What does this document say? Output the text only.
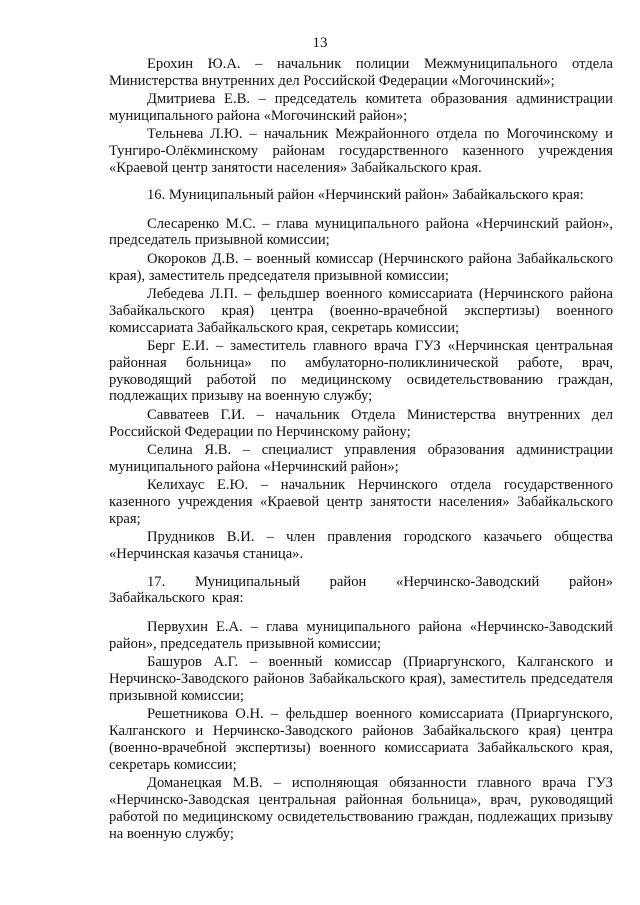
13

Ерохин Ю.А. – начальник полиции Межмуниципального отдела Министерства внутренних дел Российской Федерации «Могочинский»;

Дмитриева Е.В. – председатель комитета образования администрации муниципального района «Могочинский район»;

Тельнева Л.Ю. – начальник Межрайонного отдела по Могочинскому и Тунгиро-Олёкминскому районам государственного казенного учреждения «Краевой центр занятости населения» Забайкальского края.

16. Муниципальный район «Нерчинский район» Забайкальского края:

Слесаренко М.С. – глава муниципального района «Нерчинский район», председатель призывной комиссии;

Окороков Д.В. – военный комиссар (Нерчинского района Забайкальского края), заместитель председателя призывной комиссии;

Лебедева Л.П. – фельдшер военного комиссариата (Нерчинского района Забайкальского края) центра (военно-врачебной экспертизы) военного комиссариата Забайкальского края, секретарь комиссии;

Берг Е.И. – заместитель главного врача ГУЗ «Нерчинская центральная районная больница» по амбулаторно-поликлинической работе, врач, руководящий работой по медицинскому освидетельствованию граждан, подлежащих призыву на военную службу;

Савватеев Г.И. – начальник Отдела Министерства внутренних дел Российской Федерации по Нерчинскому району;

Селина Я.В. – специалист управления образования администрации муниципального района «Нерчинский район»;

Келихаус Е.Ю. – начальник Нерчинского отдела государственного казенного учреждения «Краевой центр занятости населения» Забайкальского края;

Прудников В.И. – член правления городского казачьего общества «Нерчинская казачья станица».

17. Муниципальный район «Нерчинско-Заводский район» Забайкальского края:

Первухин Е.А. – глава муниципального района «Нерчинско-Заводский район», председатель призывной комиссии;

Башуров А.Г. – военный комиссар (Приаргунского, Калганского и Нерчинско-Заводского районов Забайкальского края), заместитель председателя призывной комиссии;

Решетникова О.Н. – фельдшер военного комиссариата (Приаргунского, Калганского и Нерчинско-Заводского районов Забайкальского края) центра (военно-врачебной экспертизы) военного комиссариата Забайкальского края, секретарь комиссии;

Доманецкая М.В. – исполняющая обязанности главного врача ГУЗ «Нерчинско-Заводская центральная районная больница», врач, руководящий работой по медицинскому освидетельствованию граждан, подлежащих призыву на военную службу;
